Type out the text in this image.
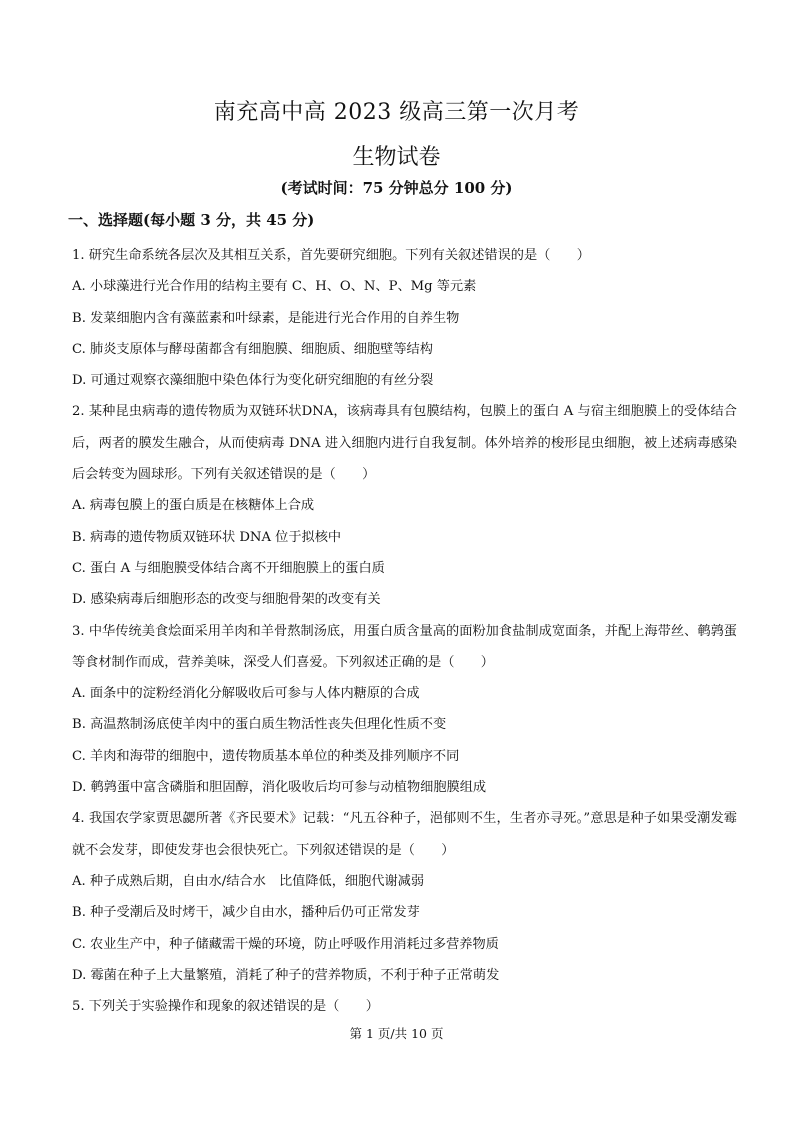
南充高中高 2023 级高三第一次月考
生物试卷
(考试时间：75 分钟总分 100 分)
一、选择题(每小题 3 分，共 45 分)

1. 研究生命系统各层次及其相互关系，首先要研究细胞。下列有关叙述错误的是（　　）

A. 小球藻进行光合作用的结构主要有 C、H、O、N、P、Mg 等元素

B. 发菜细胞内含有藻蓝素和叶绿素，是能进行光合作用的自养生物

C. 肺炎支原体与酵母菌都含有细胞膜、细胞质、细胞壁等结构

D. 可通过观察衣藻细胞中染色体行为变化研究细胞的有丝分裂

2. 某种昆虫病毒的遗传物质为双链环状DNA，该病毒具有包膜结构，包膜上的蛋白 A 与宿主细胞膜上的受体结合后，两者的膜发生融合，从而使病毒 DNA 进入细胞内进行自我复制。体外培养的梭形昆虫细胞，被上述病毒感染后会转变为圆球形。下列有关叙述错误的是（　　）

A. 病毒包膜上的蛋白质是在核糖体上合成

B. 病毒的遗传物质双链环状 DNA 位于拟核中

C. 蛋白 A 与细胞膜受体结合离不开细胞膜上的蛋白质

D. 感染病毒后细胞形态的改变与细胞骨架的改变有关

3. 中华传统美食烩面采用羊肉和羊骨熬制汤底，用蛋白质含量高的面粉加食盐制成宽面条，并配上海带丝、鹌鹑蛋等食材制作而成，营养美味，深受人们喜爱。下列叙述正确的是（　　）

A. 面条中的淀粉经消化分解吸收后可参与人体内糖原的合成

B. 高温熬制汤底使羊肉中的蛋白质生物活性丧失但理化性质不变

C. 羊肉和海带的细胞中，遗传物质基本单位的种类及排列顺序不同

D. 鹌鹑蛋中富含磷脂和胆固醇，消化吸收后均可参与动植物细胞膜组成

4. 我国农学家贾思勰所著《齐民要术》记载：“凡五谷种子，浥郁则不生，生者亦寻死。”意思是种子如果受潮发霉就不会发芽，即使发芽也会很快死亡。下列叙述错误的是（　　）

A. 种子成熟后期，自由水/结合水　比值降低，细胞代谢减弱

B. 种子受潮后及时烤干，减少自由水，播种后仍可正常发芽

C. 农业生产中，种子储藏需干燥的环境，防止呼吸作用消耗过多营养物质

D. 霉菌在种子上大量繁殖，消耗了种子的营养物质，不利于种子正常萌发

5. 下列关于实验操作和现象的叙述错误的是（　　）

第 1 页/共 10 页
